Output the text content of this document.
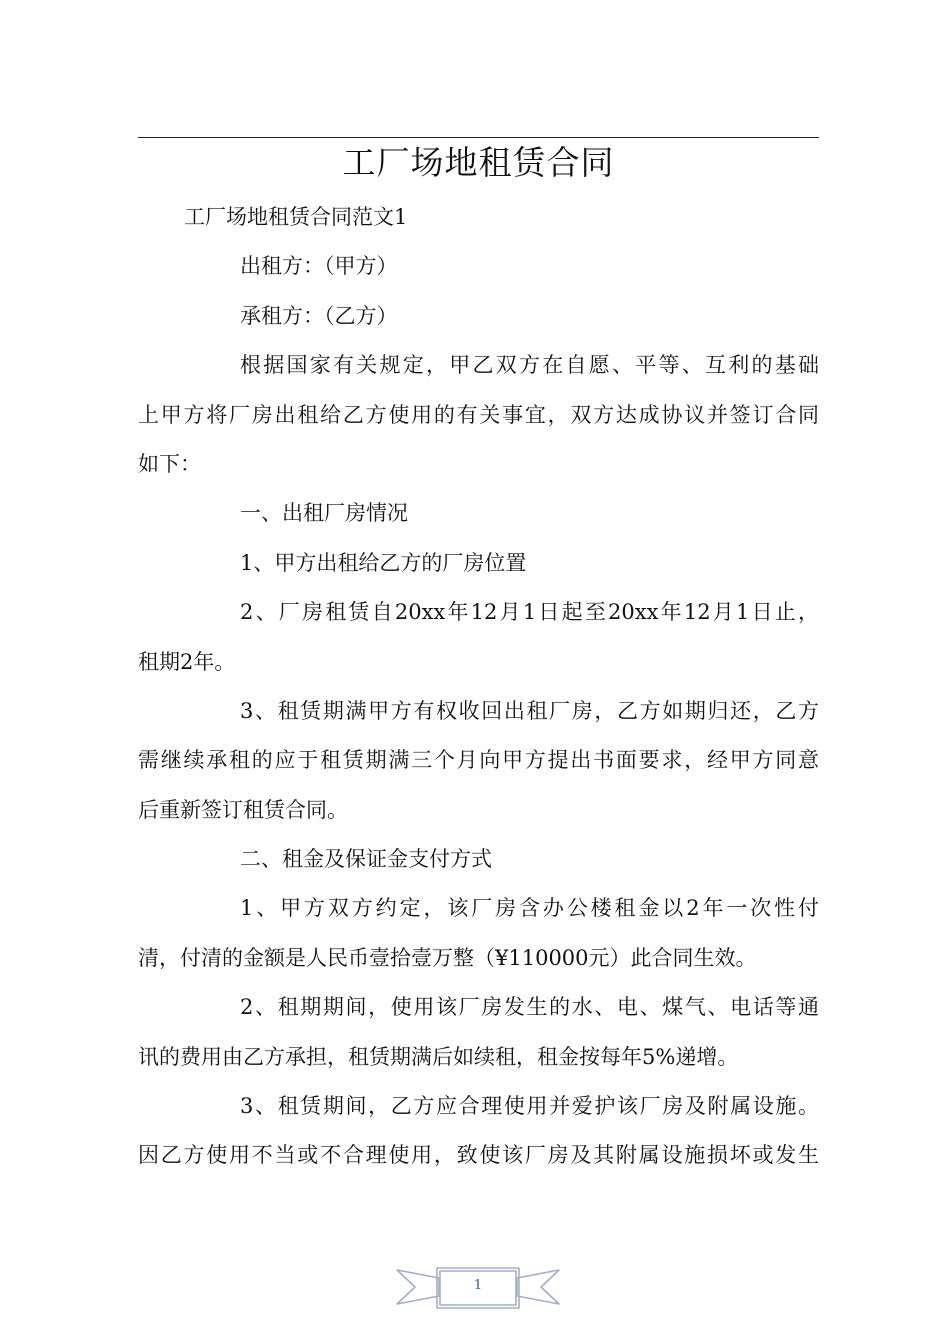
工厂场地租赁合同
工厂场地租赁合同范文1
出租方：（甲方）
承租方：（乙方）
根据国家有关规定，甲乙双方在自愿、平等、互利的基础
上甲方将厂房出租给乙方使用的有关事宜，双方达成协议并签订合同
如下：
一、出租厂房情况
1、甲方出租给乙方的厂房位置
2、厂房租赁自20xx年12月1日起至20xx年12月1日止，
租期2年。
3、租赁期满甲方有权收回出租厂房，乙方如期归还，乙方
需继续承租的应于租赁期满三个月向甲方提出书面要求，经甲方同意
后重新签订租赁合同。
二、租金及保证金支付方式
1、甲方双方约定，该厂房含办公楼租金以2年一次性付
清，付清的金额是人民币壹拾壹万整（¥110000元）此合同生效。
2、租期期间，使用该厂房发生的水、电、煤气、电话等通
讯的费用由乙方承担，租赁期满后如续租，租金按每年5%递增。
3、租赁期间，乙方应合理使用并爱护该厂房及附属设施。
因乙方使用不当或不合理使用，致使该厂房及其附属设施损坏或发生
1
